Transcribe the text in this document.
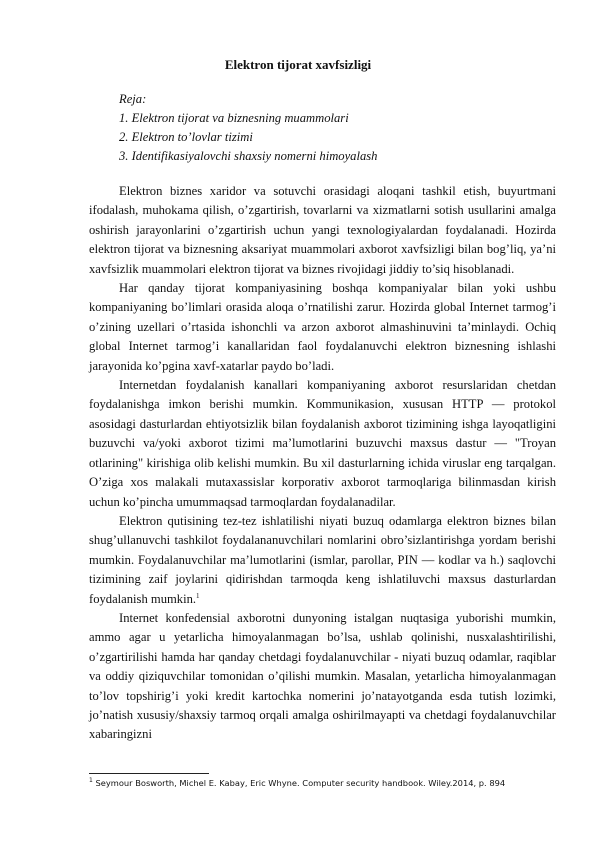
Elektron tijorat xavfsizligi
Reja:
1. Elektron tijorat va biznesning muammolari
2. Elektron to’lovlar tizimi
3. Identifikasiyalovchi shaxsiy nomerni himoyalash

Elektron biznes xaridor va sotuvchi orasidagi aloqani tashkil etish, buyurtmani ifodalash, muhokama qilish, o’zgartirish, tovarlarni va xizmatlarni sotish usullarini amalga oshirish jarayonlarini o’zgartirish uchun yangi texnologiyalardan foydalanadi. Hozirda elektron tijorat va biznesning aksariyat muammolari axborot xavfsizligi bilan bog’liq, ya’ni xavfsizlik muammolari elektron tijorat va biznes rivojidagi jiddiy to’siq hisoblanadi.

Har qanday tijorat kompaniyasining boshqa kompaniyalar bilan yoki ushbu kompaniyaning bo’limlari orasida aloqa o’rnatilishi zarur. Hozirda global Internet tarmog’i o’zining uzellari o’rtasida ishonchli va arzon axborot almashinuvini ta’minlaydi. Ochiq global Internet tarmog’i kanallaridan faol foydalanuvchi elektron biznesning ishlashi jarayonida ko’pgina xavf-xatarlar paydo bo’ladi.

Internetdan foydalanish kanallari kompaniyaning axborot resurslaridan chetdan foydalanishga imkon berishi mumkin. Kommunikasion, xususan HTTP — protokol asosidagi dasturlardan ehtiyotsizlik bilan foydalanish axborot tizimining ishga layoqatligini buzuvchi va/yoki axborot tizimi ma’lumotlarini buzuvchi maxsus dastur — "Troyan otlarining" kirishiga olib kelishi mumkin. Bu xil dasturlarning ichida viruslar eng tarqalgan. O’ziga xos malakali mutaxassislar korporativ axborot tarmoqlariga bilinmasdan kirish uchun ko’pincha umummaqsad tarmoqlardan foydalanadilar.

Elektron qutisining tez-tez ishlatilishi niyati buzuq odamlarga elektron biznes bilan shug’ullanuvchi tashkilot foydalananuvchilari nomlarini obro’sizlantirishga yordam berishi mumkin. Foydalanuvchilar ma’lumotlarini (ismlar, parollar, PIN — kodlar va h.) saqlovchi tizimining zaif joylarini qidirishdan tarmoqda keng ishlatiluvchi maxsus dasturlardan foydalanish mumkin.$^1$

Internet konfedensial axborotni dunyoning istalgan nuqtasiga yuborishi mumkin, ammo agar u yetarlicha himoyalanmagan bo’lsa, ushlab qolinishi, nusxalashtirilishi, o’zgartirilishi hamda har qanday chetdagi foydalanuvchilar - niyati buzuq odamlar, raqiblar va oddiy qiziquvchilar tomonidan o’qilishi mumkin. Masalan, yetarlicha himoyalanmagan to’lov topshirig’i yoki kredit kartochka nomerini jo’natayotganda esda tutish lozimki, jo’natish xususiy/shaxsiy tarmoq orqali amalga oshirilmayapti va chetdagi foydalanuvchilar xabaringizni

$^1$ Seymour Bosworth, Michel E. Kabay, Eric Whyne. Computer security handbook. Wiley.2014, p. 894
